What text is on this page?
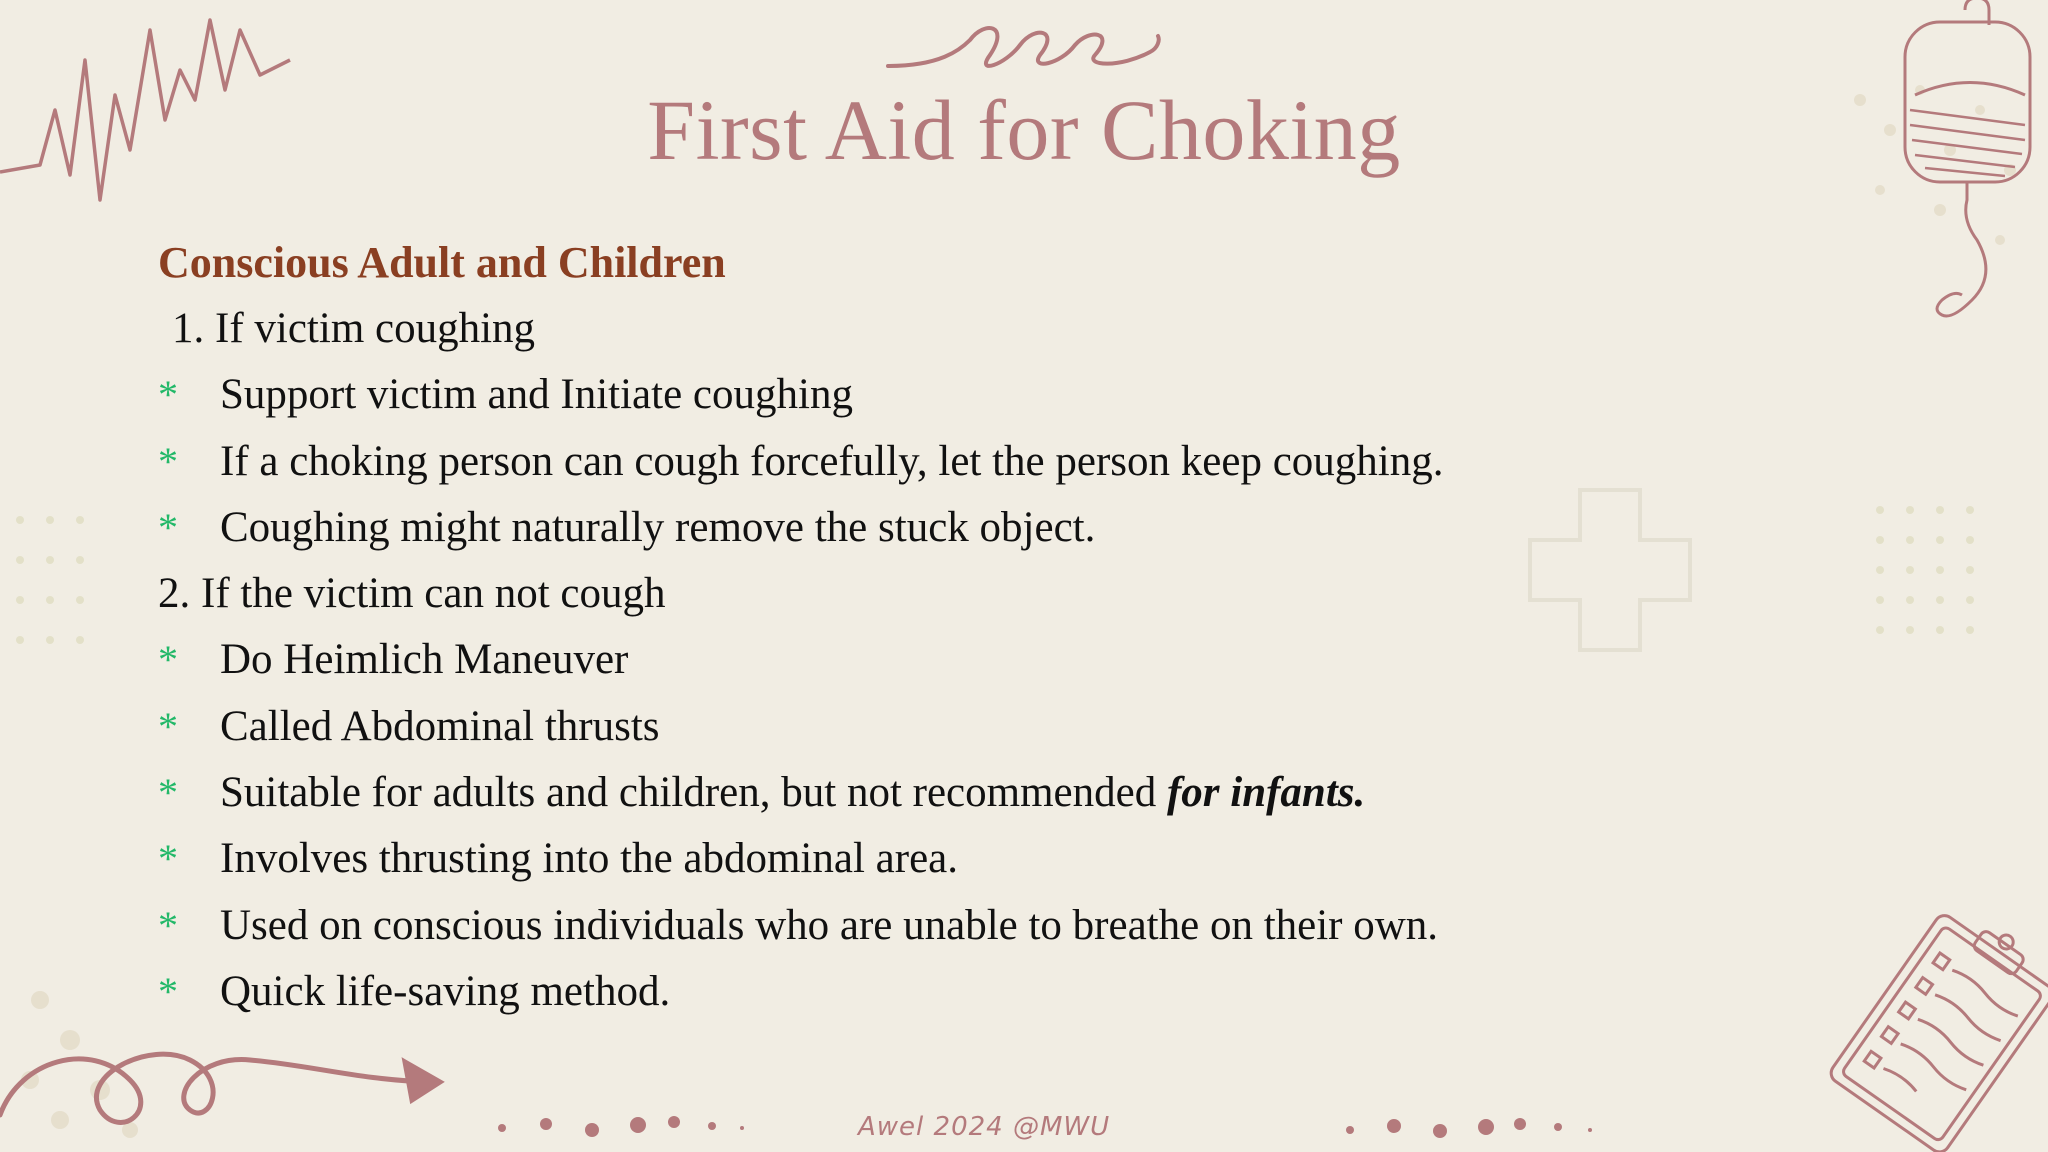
First Aid for Choking
Conscious Adult and Children
1. If victim coughing
* Support victim and Initiate coughing
* If a choking person can cough forcefully, let the person keep coughing.
* Coughing might naturally remove the stuck object.
2. If the victim can not cough
* Do Heimlich Maneuver
* Called Abdominal thrusts
* Suitable for adults and children, but not recommended for infants.
* Involves thrusting into the abdominal area.
* Used on conscious individuals who are unable to breathe on their own.
* Quick life-saving method.
Awel 2024 @MWU
